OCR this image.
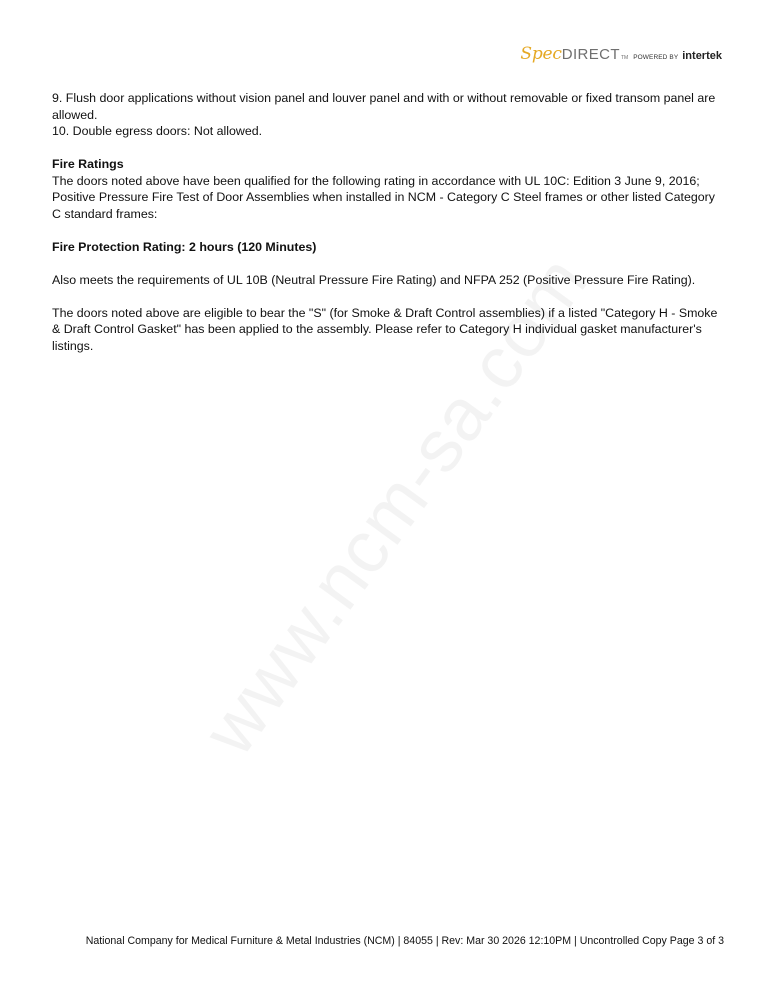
Spec DIRECT TM POWERED BY intertek

9. Flush door applications without vision panel and louver panel and with or without removable or fixed transom panel are allowed.

10. Double egress doors: Not allowed.

Fire Ratings

The doors noted above have been qualified for the following rating in accordance with UL 10C: Edition 3 June 9, 2016; Positive Pressure Fire Test of Door Assemblies when installed in NCM - Category C Steel frames or other listed Category C standard frames:

Fire Protection Rating: 2 hours (120 Minutes)

Also meets the requirements of UL 10B (Neutral Pressure Fire Rating) and NFPA 252 (Positive Pressure Fire Rating).

The doors noted above are eligible to bear the "S" (for Smoke & Draft Control assemblies) if a listed "Category H - Smoke & Draft Control Gasket" has been applied to the assembly. Please refer to Category H individual gasket manufacturer's listings.

National Company for Medical Furniture & Metal Industries (NCM) | 84055 | Rev: Mar 30 2026 12:10PM | Uncontrolled Copy Page 3 of 3
